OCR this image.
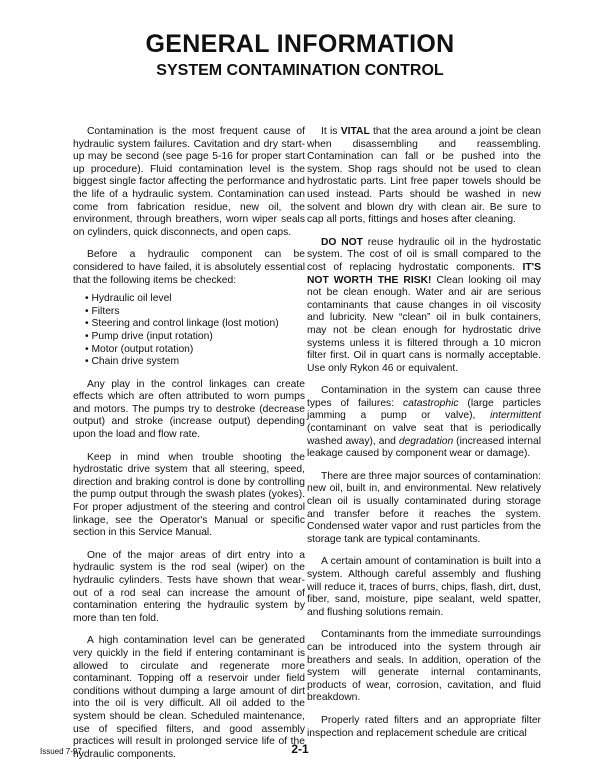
GENERAL INFORMATION
SYSTEM CONTAMINATION CONTROL

Contamination is the most frequent cause of hydraulic system failures. Cavitation and dry start-up may be second (see page 5-16 for proper start up procedure). Fluid contamination level is the biggest single factor affecting the performance and the life of a hydraulic system. Contamination can come from fabrication residue, new oil, the environment, through breathers, worn wiper seals on cylinders, quick disconnects, and open caps.

Before a hydraulic component can be considered to have failed, it is absolutely essential that the following items be checked:

• Hydraulic oil level
• Filters
• Steering and control linkage (lost motion)
• Pump drive (input rotation)
• Motor (output rotation)
• Chain drive system

Any play in the control linkages can create effects which are often attributed to worn pumps and motors. The pumps try to destroke (decrease output) and stroke (increase output) depending upon the load and flow rate.

Keep in mind when trouble shooting the hydrostatic drive system that all steering, speed, direction and braking control is done by controlling the pump output through the swash plates (yokes). For proper adjustment of the steering and control linkage, see the Operator's Manual or specific section in this Service Manual.

One of the major areas of dirt entry into a hydraulic system is the rod seal (wiper) on the hydraulic cylinders. Tests have shown that wear-out of a rod seal can increase the amount of contamination entering the hydraulic system by more than ten fold.

A high contamination level can be generated very quickly in the field if entering contaminant is allowed to circulate and regenerate more contaminant. Topping off a reservoir under field conditions without dumping a large amount of dirt into the oil is very difficult. All oil added to the system should be clean. Scheduled maintenance, use of specified filters, and good assembly practices will result in prolonged service life of the hydraulic components.

It is VITAL that the area around a joint be clean when disassembling and reassembling. Contamination can fall or be pushed into the system. Shop rags should not be used to clean hydrostatic parts. Lint free paper towels should be used instead. Parts should be washed in new solvent and blown dry with clean air. Be sure to cap all ports, fittings and hoses after cleaning.

DO NOT reuse hydraulic oil in the hydrostatic system. The cost of oil is small compared to the cost of replacing hydrostatic components. IT'S NOT WORTH THE RISK! Clean looking oil may not be clean enough. Water and air are serious contaminants that cause changes in oil viscosity and lubricity. New “clean” oil in bulk containers, may not be clean enough for hydrostatic drive systems unless it is filtered through a 10 micron filter first. Oil in quart cans is normally acceptable. Use only Rykon 46 or equivalent.

Contamination in the system can cause three types of failures: catastrophic (large particles jamming a pump or valve), intermittent (contaminant on valve seat that is periodically washed away), and degradation (increased internal leakage caused by component wear or damage).

There are three major sources of contamination: new oil, built in, and environmental. New relatively clean oil is usually contaminated during storage and transfer before it reaches the system. Condensed water vapor and rust particles from the storage tank are typical contaminants.

A certain amount of contamination is built into a system. Although careful assembly and flushing will reduce it, traces of burrs, chips, flash, dirt, dust, fiber, sand, moisture, pipe sealant, weld spatter, and flushing solutions remain.

Contaminants from the immediate surroundings can be introduced into the system through air breathers and seals. In addition, operation of the system will generate internal contaminants, products of wear, corrosion, cavitation, and fluid breakdown.

Properly rated filters and an appropriate filter inspection and replacement schedule are critical

Issued 7-97	2-1
